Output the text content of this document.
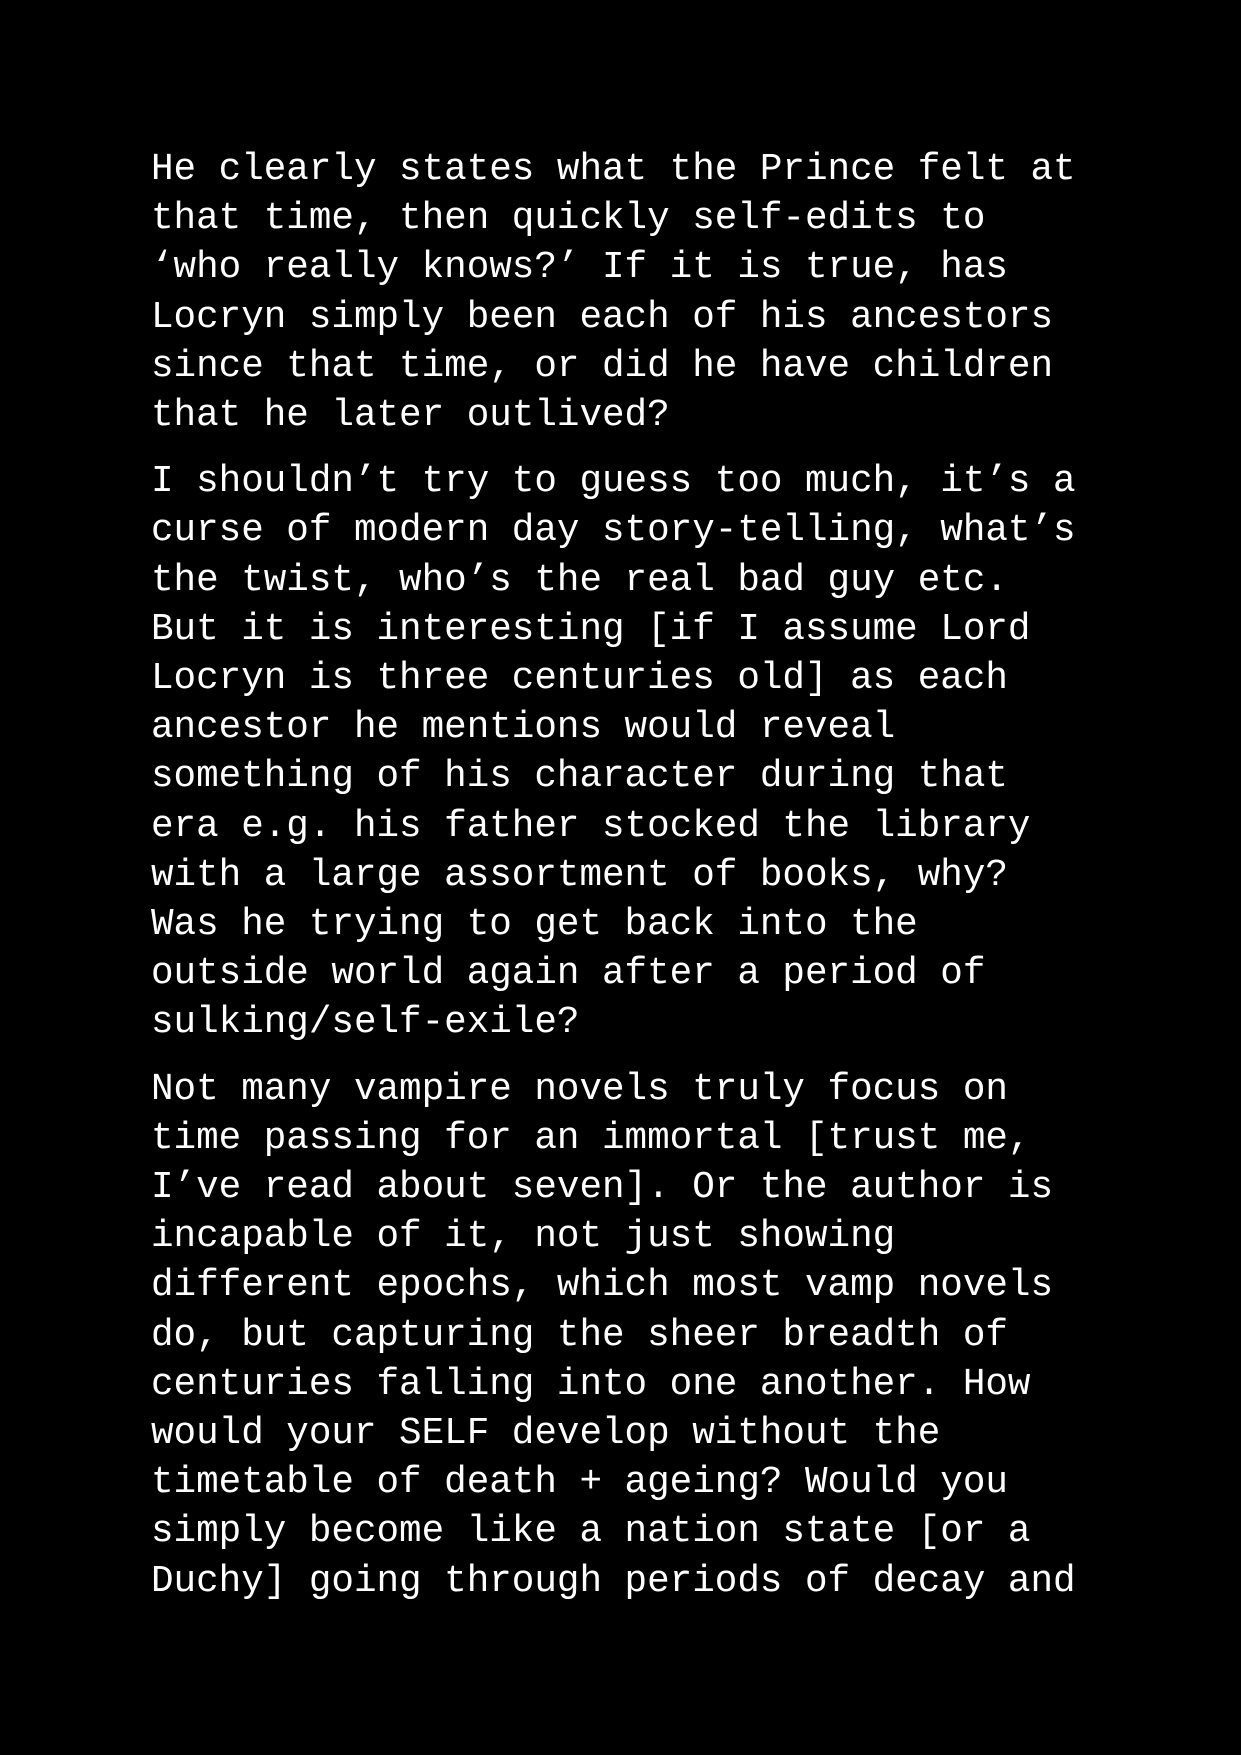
He clearly states what the Prince felt at
that time, then quickly self-edits to
‘who really knows?’ If it is true, has
Locryn simply been each of his ancestors
since that time, or did he have children
that he later outlived?

I shouldn’t try to guess too much, it’s a
curse of modern day story-telling, what’s
the twist, who’s the real bad guy etc.
But it is interesting [if I assume Lord
Locryn is three centuries old] as each
ancestor he mentions would reveal
something of his character during that
era e.g. his father stocked the library
with a large assortment of books, why?
Was he trying to get back into the
outside world again after a period of
sulking/self-exile?

Not many vampire novels truly focus on
time passing for an immortal [trust me,
I’ve read about seven]. Or the author is
incapable of it, not just showing
different epochs, which most vamp novels
do, but capturing the sheer breadth of
centuries falling into one another. How
would your SELF develop without the
timetable of death + ageing? Would you
simply become like a nation state [or a
Duchy] going through periods of decay and
